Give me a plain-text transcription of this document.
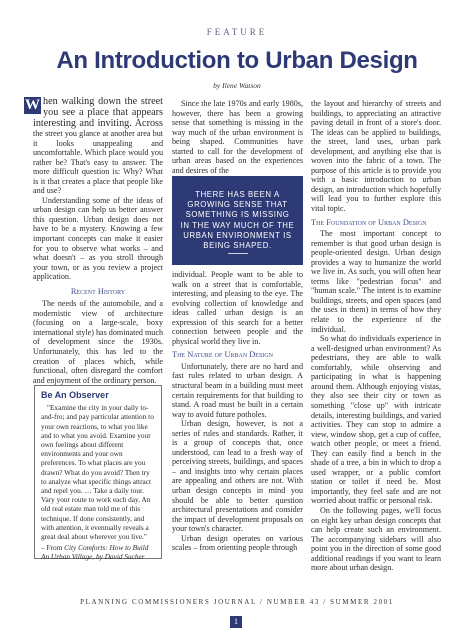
FEATURE
An Introduction to Urban Design
by Ilene Watson

W hen walking down the street you see a place that appears interesting and inviting. Across the street you glance at another area but it looks unappealing and uncomfortable. Which place would you rather be? That's easy to answer. The more difficult question is: Why? What is it that creates a place that people like and use?

Understanding some of the ideas of urban design can help us better answer this question. Urban design does not have to be a mystery. Knowing a few important concepts can make it easier for you to observe what works – and what doesn't – as you stroll through your town, or as you review a project application.

Recent History

The needs of the automobile, and a modernistic view of architecture (focusing on a large-scale, boxy international style) has dominated much of development since the 1930s. Unfortunately, this has led to the creation of places which, while functional, often disregard the comfort and enjoyment of the ordinary person.

Be An Observer
"Examine the city in your daily to-and-fro; and pay particular attention to your own reactions, to what you like and to what you avoid. Examine your own feelings about different environments and your own preferences. To what places are you drawn? What do you avoid? Then try to analyze what specific things attract and repel you. … Take a daily tour. Vary your route to work each day. An old real estate man told me of this technique. If done consistently, and with attention, it eventually reveals a great deal about wherever you live."
– From City Comforts: How to Build An Urban Village, by David Sucher

Since the late 1970s and early 1980s, however, there has been a growing sense that something is missing in the way much of the urban environment is being shaped. Communities have started to call for the development of urban areas based on the experiences and desires of the

THERE HAS BEEN A GROWING SENSE THAT SOMETHING IS MISSING IN THE WAY MUCH OF THE URBAN ENVIRONMENT IS BEING SHAPED.

individual. People want to be able to walk on a street that is comfortable, interesting, and pleasing to the eye. The evolving collection of knowledge and ideas called urban design is an expression of this search for a better connection between people and the physical world they live in.

The Nature of Urban Design

Unfortunately, there are no hard and fast rules related to urban design. A structural beam in a building must meet certain requirements for that building to stand. A road must be built in a certain way to avoid future potholes.

Urban design, however, is not a series of rules and standards. Rather, it is a group of concepts that, once understood, can lead to a fresh way of perceiving streets, buildings, and spaces – and insights into why certain places are appealing and others are not. With urban design concepts in mind you should be able to better question architectural presentations and consider the impact of development proposals on your town's character.

Urban design operates on various scales – from orienting people through

the layout and hierarchy of streets and buildings, to appreciating an attractive paving detail in front of a store's door. The ideas can be applied to buildings, the street, land uses, urban park development, and anything else that is woven into the fabric of a town. The purpose of this article is to provide you with a basic introduction to urban design, an introduction which hopefully will lead you to further explore this vital topic.

The Foundation of Urban Design

The most important concept to remember is that good urban design is people-oriented design. Urban design provides a way to humanize the world we live in. As such, you will often hear terms like "pedestrian focus" and "human scale." The intent is to examine buildings, streets, and open spaces (and the uses in them) in terms of how they relate to the experience of the individual.

So what do individuals experience in a well-designed urban environment? As pedestrians, they are able to walk comfortably, while observing and participating in what is happening around them. Although enjoying vistas, they also see their city or town as something "close up" with intricate details, interesting buildings, and varied activities. They can stop to admire a view, window shop, get a cup of coffee, watch other people, or meet a friend. They can easily find a bench in the shade of a tree, a bin in which to drop a used wrapper, or a public comfort station or toilet if need be. Most importantly, they feel safe and are not worried about traffic or personal risk.

On the following pages, we'll focus on eight key urban design concepts that can help create such an environment. The accompanying sidebars will also point you in the direction of some good additional readings if you want to learn more about urban design.

PLANNING COMMISSIONERS JOURNAL / NUMBER 43 / SUMMER 2001
1
